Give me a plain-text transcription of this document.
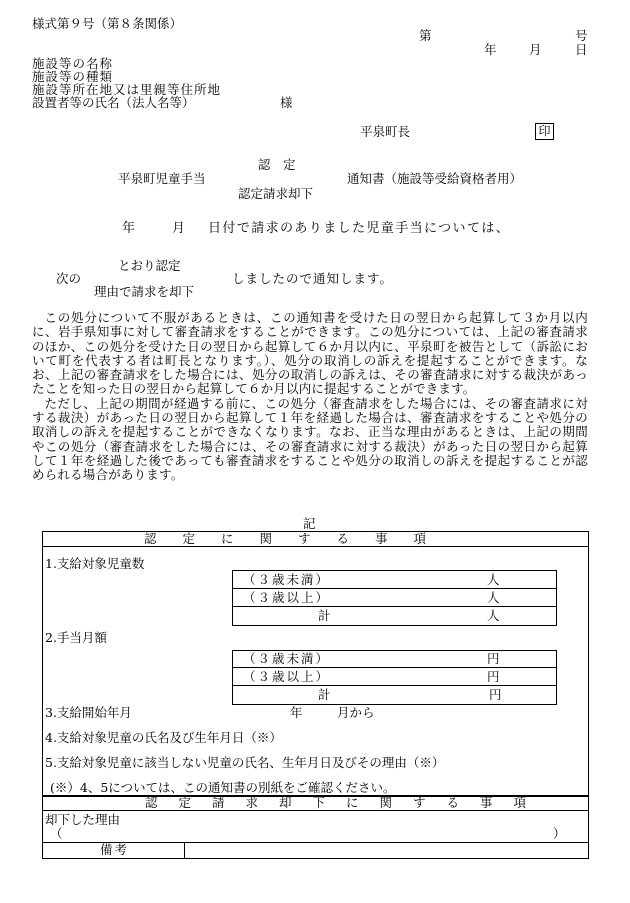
様式第９号（第８条関係）
第	号
年	月	日
施設等の名称
施設等の種類
施設等所在地又は里親等住所地
設置者等の氏名（法人名等）	様
平泉町長	印
認　定
平泉町児童手当	通知書（施設等受給資格者用）
認定請求却下
年	月 日付で請求のありました児童手当については、
とおり認定
次の	しましたので通知します。
理由で請求を却下

この処分について不服があるときは、この通知書を受けた日の翌日から起算して３か月以内に、岩手県知事に対して審査請求をすることができます。この処分については、上記の審査請求のほか、この処分を受けた日の翌日から起算して６か月以内に、平泉町を被告として（訴訟において町を代表する者は町長となります。）、処分の取消しの訴えを提起することができます。なお、上記の審査請求をした場合には、処分の取消しの訴えは、その審査請求に対する裁決があったことを知った日の翌日から起算して６か月以内に提起することができます。

ただし、上記の期間が経過する前に、この処分（審査請求をした場合には、その審査請求に対する裁決）があった日の翌日から起算して１年を経過した場合は、審査請求をすることや処分の取消しの訴えを提起することができなくなります。なお、正当な理由があるときは、上記の期間やこの処分（審査請求をした場合には、その審査請求に対する裁決）があった日の翌日から起算して１年を経過した後であっても審査請求をすることや処分の取消しの訴えを提起することが認められる場合があります。

記
認定に関する事項
1.支給対象児童数
（３歳未満）	人
（３歳以上）	人
計	人
2.手当月額
（３歳未満）	円
（３歳以上）	円
計	円
3.支給開始年月	年	月から
4.支給対象児童の氏名及び生年月日（※）
5.支給対象児童に該当しない児童の氏名、生年月日及びその理由（※）
(※）4、5については、この通知書の別紙をご確認ください。
認定請求却下に関する事項
却下した理由
（	）
備考
